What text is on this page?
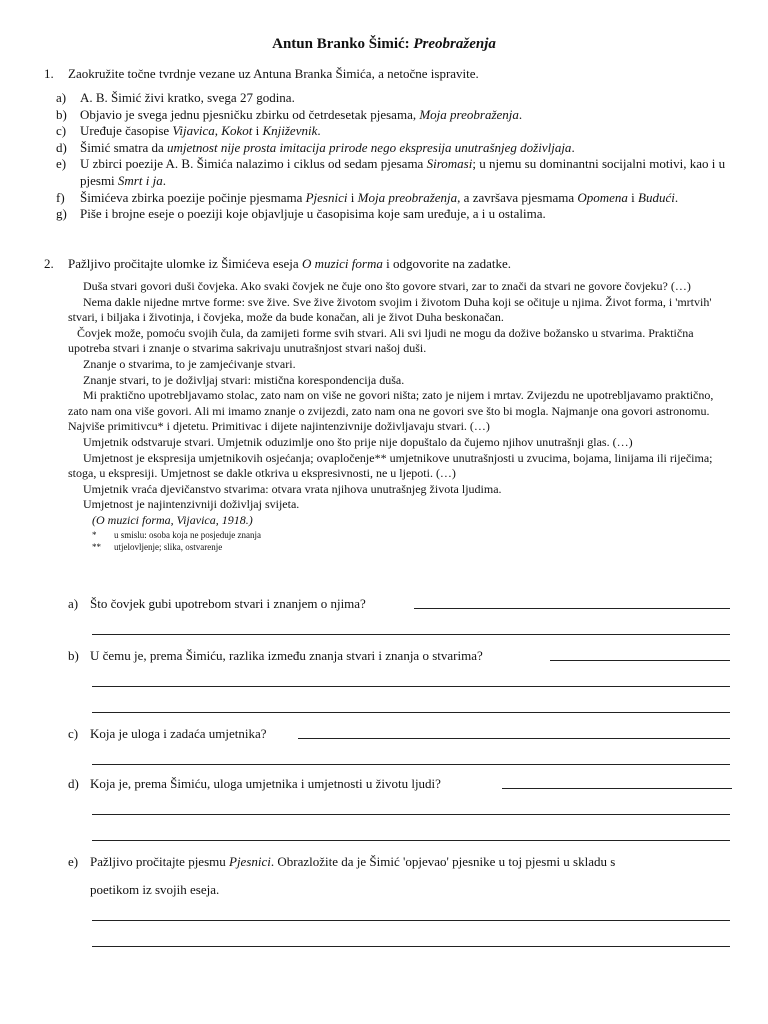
Antun Branko Šimić: Preobraženja
1. Zaokružite točne tvrdnje vezane uz Antuna Branka Šimića, a netočne ispravite.
a) A. B. Šimić živi kratko, svega 27 godina.
b) Objavio je svega jednu pjesničku zbirku od četrdesetak pjesama, Moja preobraženja.
c) Uređuje časopise Vijavica, Kokot i Književnik.
d) Šimić smatra da umjetnost nije prosta imitacija prirode nego ekspresija unutrašnjeg doživljaja.
e) U zbirci poezije A. B. Šimića nalazimo i ciklus od sedam pjesama Siromasi; u njemu su dominantni socijalni motivi, kao i u pjesmi Smrt i ja.
f) Šimićeva zbirka poezije počinje pjesmama Pjesnici i Moja preobraženja, a završava pjesmama Opomena i Budući.
g) Piše i brojne eseje o poeziji koje objavljuje u časopisima koje sam uređuje, a i u ostalima.
2. Pažljivo pročitajte ulomke iz Šimićeva eseja O muzici forma i odgovorite na zadatke.

Duša stvari govori duši čovjeka. Ako svaki čovjek ne čuje ono što govore stvari, zar to znači da stvari ne govore čovjeku? (…)

Nema dakle nijedne mrtve forme: sve žive. Sve žive životom svojim i životom Duha koji se očituje u njima. Život forma, i 'mrtvih' stvari, i biljaka i životinja, i čovjeka, može da bude konačan, ali je život Duha beskonačan.

Čovjek može, pomoću svojih čula, da zamijeti forme svih stvari. Ali svi ljudi ne mogu da dožive božansko u stvarima. Praktična upotreba stvari i znanje o stvarima sakrivaju unutrašnjost stvari našoj duši.

Znanje o stvarima, to je zamjećivanje stvari.

Znanje stvari, to je doživljaj stvari: mistična korespondencija duša.

Mi praktično upotrebljavamo stolac, zato nam on više ne govori ništa; zato je nijem i mrtav. Zvijezdu ne upotrebljavamo praktično, zato nam ona više govori. Ali mi imamo znanje o zvijezdi, zato nam ona ne govori sve što bi mogla. Najmanje ona govori astronomu. Najviše primitivcu* i djetetu. Primitivac i dijete najintenzivnije doživljavaju stvari. (…)

Umjetnik odstvaruje stvari. Umjetnik oduzimlje ono što prije nije dopuštalo da čujemo njihov unutrašnji glas. (…)

Umjetnost je ekspresija umjetnikovih osjećanja; ovapločenje** umjetnikove unutrašnjosti u zvucima, bojama, linijama ili riječima; stoga, u ekspresiji. Umjetnost se dakle otkriva u ekspresivnosti, ne u ljepoti. (…)

Umjetnik vraća djevičanstvo stvarima: otvara vrata njihova unutrašnjeg života ljudima.

Umjetnost je najintenzivniji doživljaj svijeta.

(O muzici forma, Vijavica, 1918.)

* u smislu: osoba koja ne posjeduje znanja
** utjelovljenje; slika, ostvarenje
a) Što čovjek gubi upotrebom stvari i znanjem o njima?
b) U čemu je, prema Šimiću, razlika između znanja stvari i znanja o stvarima?
c) Koja je uloga i zadaća umjetnika?
d) Koja je, prema Šimiću, uloga umjetnika i umjetnosti u životu ljudi?
e) Pažljivo pročitajte pjesmu Pjesnici. Obrazložite da je Šimić 'opjevao' pjesnike u toj pjesmi u skladu s
poetikom iz svojih eseja.
